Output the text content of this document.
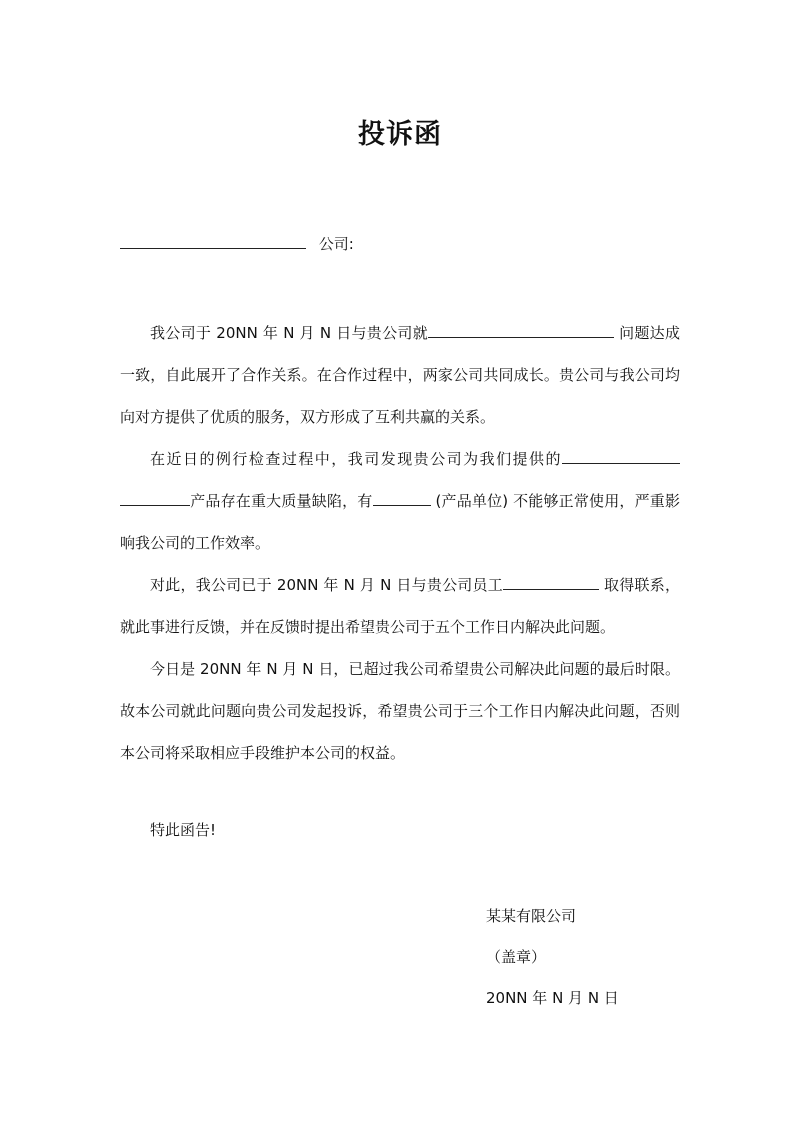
投诉函
公司:

我公司于 20NN 年 N 月 N 日与贵公司就	问题达成一致，自此展开了合作关系。在合作过程中，两家公司共同成长。贵公司与我公司均向对方提供了优质的服务，双方形成了互利共赢的关系。

在近日的例行检查过程中，我司发现贵公司为我们提供的产品存在重大质量缺陷，有	(产品单位) 不能够正常使用，严重影响我公司的工作效率。

对此，我公司已于 20NN 年 N 月 N 日与贵公司员工	取得联系，就此事进行反馈，并在反馈时提出希望贵公司于五个工作日内解决此问题。

今日是 20NN 年 N 月 N 日，已超过我公司希望贵公司解决此问题的最后时限。故本公司就此问题向贵公司发起投诉，希望贵公司于三个工作日内解决此问题，否则本公司将采取相应手段维护本公司的权益。

特此函告!
某某有限公司
（盖章）
20NN 年 N 月 N 日
